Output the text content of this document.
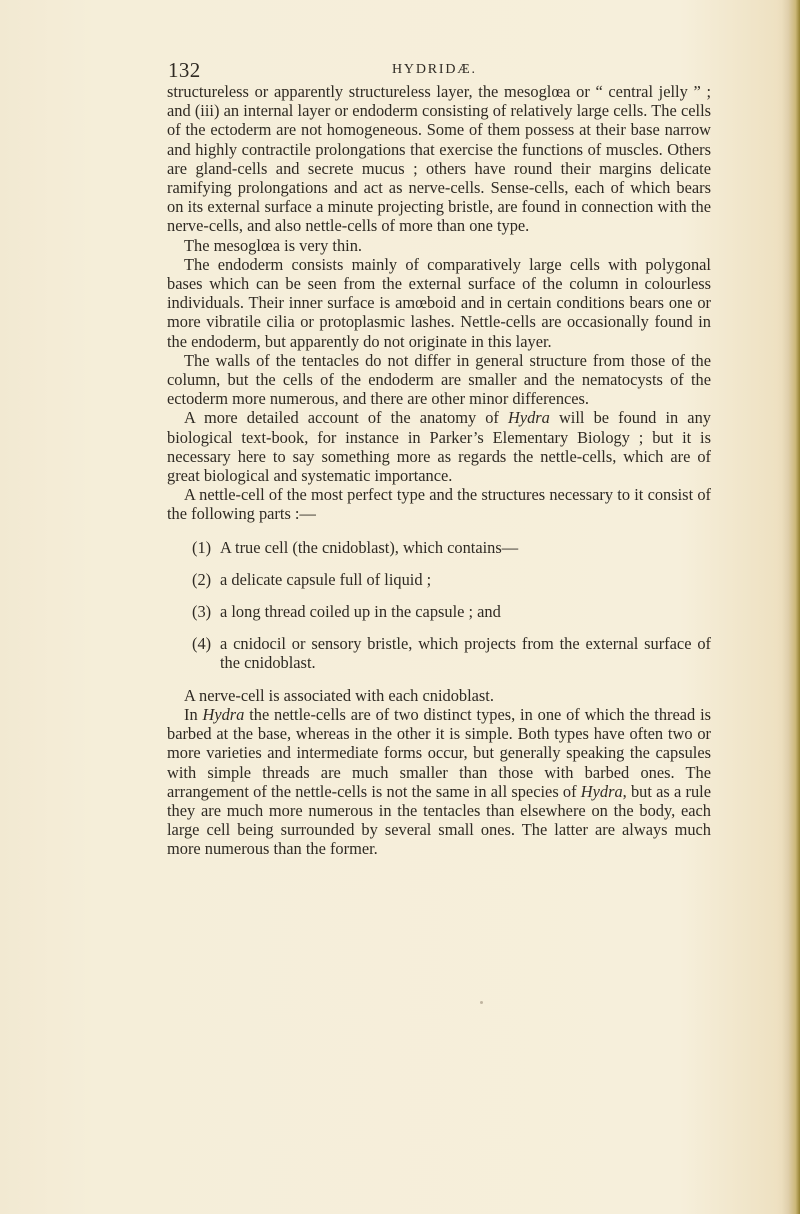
132	HYDRIDÆ.

structureless or apparently structureless layer, the mesoglœa or “ central jelly ” ; and (iii) an internal layer or endoderm consisting of relatively large cells. The cells of the ectoderm are not homogeneous. Some of them possess at their base narrow and highly contractile prolongations that exercise the functions of muscles. Others are gland-cells and secrete mucus ; others have round their margins delicate ramifying prolongations and act as nerve-cells. Sense-cells, each of which bears on its external surface a minute projecting bristle, are found in connection with the nerve-cells, and also nettle-cells of more than one type.

The mesoglœa is very thin.

The endoderm consists mainly of comparatively large cells with polygonal bases which can be seen from the external surface of the column in colourless individuals. Their inner surface is amœboid and in certain conditions bears one or more vibratile cilia or protoplasmic lashes. Nettle-cells are occasionally found in the endoderm, but apparently do not originate in this layer.

The walls of the tentacles do not differ in general structure from those of the column, but the cells of the endoderm are smaller and the nematocysts of the ectoderm more numerous, and there are other minor differences.

A more detailed account of the anatomy of Hydra will be found in any biological text-book, for instance in Parker’s Elementary Biology ; but it is necessary here to say something more as regards the nettle-cells, which are of great biological and systematic importance.

A nettle-cell of the most perfect type and the structures necessary to it consist of the following parts :—

(1) A true cell (the cnidoblast), which contains—
(2) a delicate capsule full of liquid ;
(3) a long thread coiled up in the capsule ; and
(4) a cnidocil or sensory bristle, which projects from the external surface of the cnidoblast.

A nerve-cell is associated with each cnidoblast.

In Hydra the nettle-cells are of two distinct types, in one of which the thread is barbed at the base, whereas in the other it is simple. Both types have often two or more varieties and intermediate forms occur, but generally speaking the capsules with simple threads are much smaller than those with barbed ones. The arrangement of the nettle-cells is not the same in all species of Hydra, but as a rule they are much more numerous in the tentacles than elsewhere on the body, each large cell being surrounded by several small ones. The latter are always much more numerous than the former.
